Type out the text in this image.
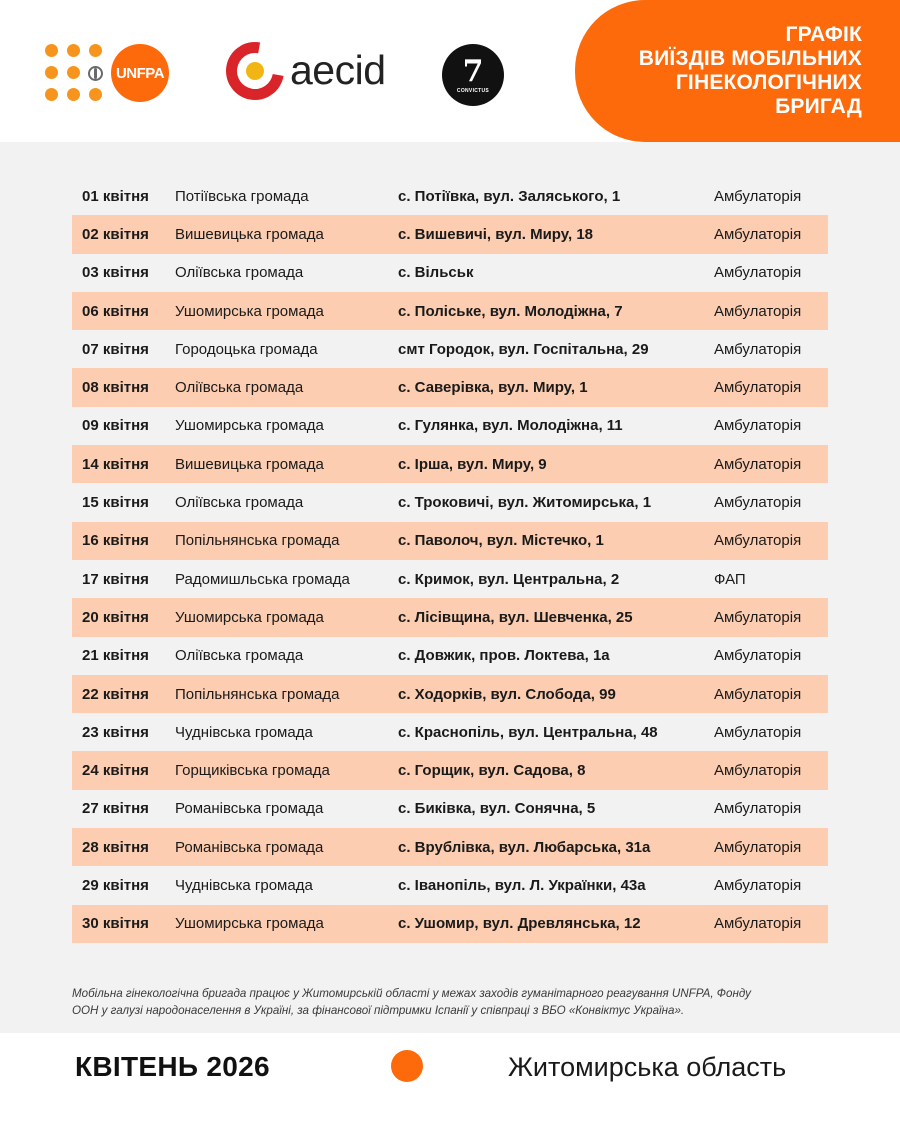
UNFPA	aecid	7
CONVICTUS
ГРАФІК
ВИЇЗДІВ МОБІЛЬНИХ
ГІНЕКОЛОГІЧНИХ
БРИГАД
01 квітня Потіївська громада	с. Потіївка, вул. Заляського, 1	Амбулаторія
02 квітня Вишевицька громада	с. Вишевичі, вул. Миру, 18	Амбулаторія
03 квітня Оліївська громада	с. Вільськ	Амбулаторія
06 квітня Ушомирська громада	с. Поліське, вул. Молодіжна, 7	Амбулаторія
07 квітня Городоцька громада	смт Городок, вул. Госпітальна, 29	Амбулаторія
08 квітня Оліївська громада	с. Саверівка, вул. Миру, 1	Амбулаторія
09 квітня Ушомирська громада	с. Гулянка, вул. Молодіжна, 11	Амбулаторія
14 квітня Вишевицька громада	с. Ірша, вул. Миру, 9	Амбулаторія
15 квітня Оліївська громада	с. Троковичі, вул. Житомирська, 1	Амбулаторія
16 квітня Попільнянська громада	с. Паволоч, вул. Містечко, 1	Амбулаторія
17 квітня Радомишльська громада	с. Кримок, вул. Центральна, 2	ФАП
20 квітня Ушомирська громада	с. Лісівщина, вул. Шевченка, 25	Амбулаторія
21 квітня Оліївська громада	с. Довжик, пров. Локтева, 1а	Амбулаторія
22 квітня Попільнянська громада	с. Ходорків, вул. Слобода, 99	Амбулаторія
23 квітня Чуднівська громада	с. Краснопіль, вул. Центральна, 48	Амбулаторія
24 квітня Горщиківська громада	с. Горщик, вул. Садова, 8	Амбулаторія
27 квітня Романівська громада	с. Биківка, вул. Сонячна, 5	Амбулаторія
28 квітня Романівська громада	с. Врублівка, вул. Любарська, 31а	Амбулаторія
29 квітня Чуднівська громада	с. Іванопіль, вул. Л. Українки, 43а	Амбулаторія
30 квітня Ушомирська громада	с. Ушомир, вул. Древлянська, 12	Амбулаторія
Мобільна гінекологічна бригада працює у Житомирській області у межах заходів гуманітарного реагування UNFPA, Фонду
ООН у галузі народонаселення в Україні, за фінансової підтримки Іспанії у співпраці з ВБО «Конвіктус Україна».
КВІТЕНЬ 2026	Житомирська область
